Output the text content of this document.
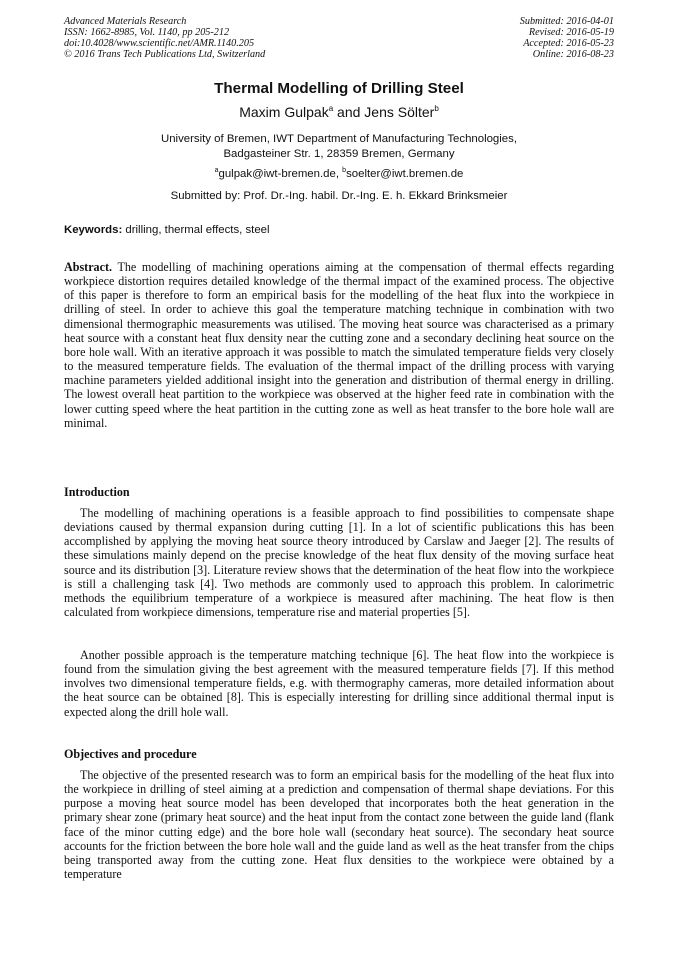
Advanced Materials Research
ISSN: 1662-8985, Vol. 1140, pp 205-212
doi:10.4028/www.scientific.net/AMR.1140.205
© 2016 Trans Tech Publications Ltd, Switzerland
Submitted: 2016-04-01
Revised: 2016-05-19
Accepted: 2016-05-23
Online: 2016-08-23
Thermal Modelling of Drilling Steel
Maxim Gulpak$^a$ and Jens Sölter$^b$
University of Bremen, IWT Department of Manufacturing Technologies,
Badgasteiner Str. 1, 28359 Bremen, Germany
$^a$gulpak@iwt-bremen.de, $^b$soelter@iwt.bremen.de
Submitted by: Prof. Dr.-Ing. habil. Dr.-Ing. E. h. Ekkard Brinksmeier
Keywords: drilling, thermal effects, steel

Abstract. The modelling of machining operations aiming at the compensation of thermal effects regarding workpiece distortion requires detailed knowledge of the thermal impact of the examined process. The objective of this paper is therefore to form an empirical basis for the modelling of the heat flux into the workpiece in drilling of steel. In order to achieve this goal the temperature matching technique in combination with two dimensional thermographic measurements was utilised. The moving heat source was characterised as a primary heat source with a constant heat flux density near the cutting zone and a secondary declining heat source on the bore hole wall. With an iterative approach it was possible to match the simulated temperature fields very closely to the measured temperature fields. The evaluation of the thermal impact of the drilling process with varying machine parameters yielded additional insight into the generation and distribution of thermal energy in drilling. The lowest overall heat partition to the workpiece was observed at the higher feed rate in combination with the lower cutting speed where the heat partition in the cutting zone as well as heat transfer to the bore hole wall are minimal.

Introduction

The modelling of machining operations is a feasible approach to find possibilities to compensate shape deviations caused by thermal expansion during cutting [1]. In a lot of scientific publications this has been accomplished by applying the moving heat source theory introduced by Carslaw and Jaeger [2]. The results of these simulations mainly depend on the precise knowledge of the heat flux density of the moving surface heat source and its distribution [3]. Literature review shows that the determination of the heat flow into the workpiece is still a challenging task [4]. Two methods are commonly used to approach this problem. In calorimetric methods the equilibrium temperature of a workpiece is measured after machining. The heat flow is then calculated from workpiece dimensions, temperature rise and material properties [5].

Another possible approach is the temperature matching technique [6]. The heat flow into the workpiece is found from the simulation giving the best agreement with the measured temperature fields [7]. If this method involves two dimensional temperature fields, e.g. with thermography cameras, more detailed information about the heat source can be obtained [8]. This is especially interesting for drilling since additional thermal input is expected along the drill hole wall.

Objectives and procedure

The objective of the presented research was to form an empirical basis for the modelling of the heat flux into the workpiece in drilling of steel aiming at a prediction and compensation of thermal shape deviations. For this purpose a moving heat source model has been developed that incorporates both the heat generation in the primary shear zone (primary heat source) and the heat input from the contact zone between the guide land (flank face of the minor cutting edge) and the bore hole wall (secondary heat source). The secondary heat source accounts for the friction between the bore hole wall and the guide land as well as the heat transfer from the chips being transported away from the cutting zone. Heat flux densities to the workpiece were obtained by a temperature
